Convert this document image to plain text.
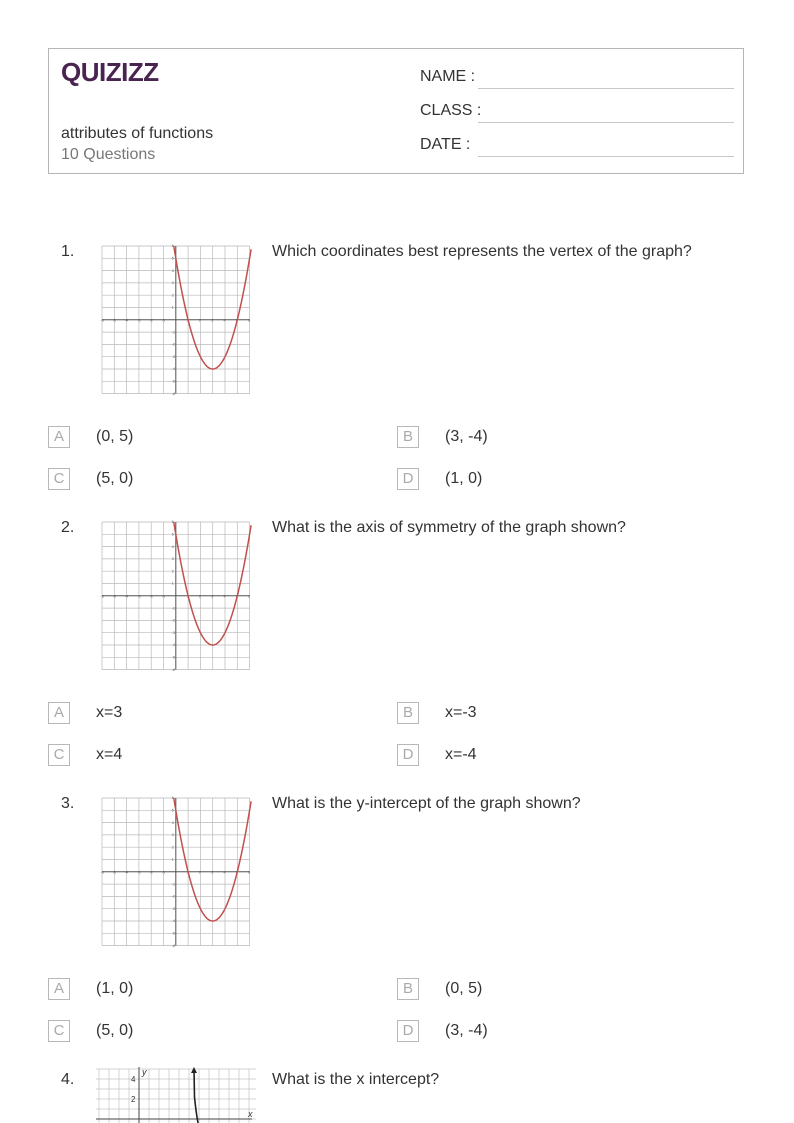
QUIZIZZ
attributes of functions
10 Questions
NAME :
CLASS :
DATE :
1.
-6
-6
-5
-5
-4
-4
-3
-3
-2
-2
-1
-1
1
1
2
2
3
3
4
4
5
5
6
6	Which coordinates best represents the vertex of the graph?
A	(0, 5)	B	(3, -4)
C	(5, 0)	D	(1, 0)
2.
-6
-6
-5
-5
-4
-4
-3
-3
-2
-2
-1
-1
1
1
2
2
3
3
4
4
5
5
6
6	What is the axis of symmetry of the graph shown?
A	x=3	B	x=-3
C	x=4	D	x=-4
3.
-6
-6
-5
-5
-4
-4
-3
-3
-2
-2
-1
-1
1
1
2
2
3
3
4
4
5
5
6
6	What is the y-intercept of the graph shown?
A	(1, 0)	B	(0, 5)
C	(5, 0)	D	(3, -4)
4.	4
2
y
x
What is the x intercept?
